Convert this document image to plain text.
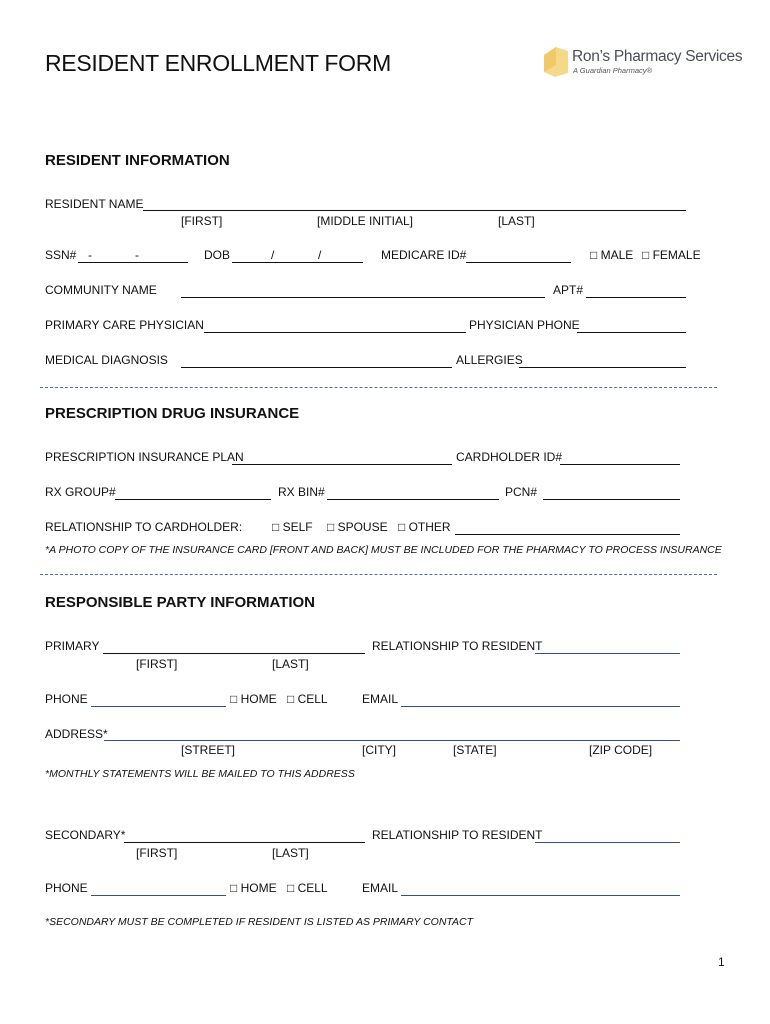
RESIDENT ENROLLMENT FORM	Ron’s Pharmacy Services
A Guardian Pharmacy®
RESIDENT INFORMATION
RESIDENT NAME
[FIRST]	[MIDDLE INITIAL]	[LAST]
SSN# -	-	DOB	/	/	MEDICARE ID#	□ MALE □ FEMALE
COMMUNITY NAME	APT#
PRIMARY CARE PHYSICIAN	PHYSICIAN PHONE
MEDICAL DIAGNOSIS	ALLERGIES
PRESCRIPTION DRUG INSURANCE
PRESCRIPTION INSURANCE PLAN	CARDHOLDER ID#
RX GROUP#	RX BIN#	PCN#
RELATIONSHIP TO CARDHOLDER: □ SELF □ SPOUSE □ OTHER
*A PHOTO COPY OF THE INSURANCE CARD [FRONT AND BACK] MUST BE INCLUDED FOR THE PHARMACY TO PROCESS INSURANCE
RESPONSIBLE PARTY INFORMATION
PRIMARY	RELATIONSHIP TO RESIDENT
[FIRST]	[LAST]
PHONE	□ HOME □ CELL	EMAIL
ADDRESS*
[STREET]	[CITY]	[STATE]	[ZIP CODE]
*MONTHLY STATEMENTS WILL BE MAILED TO THIS ADDRESS
SECONDARY*	RELATIONSHIP TO RESIDENT
[FIRST]	[LAST]
PHONE	□ HOME □ CELL	EMAIL
*SECONDARY MUST BE COMPLETED IF RESIDENT IS LISTED AS PRIMARY CONTACT
1
